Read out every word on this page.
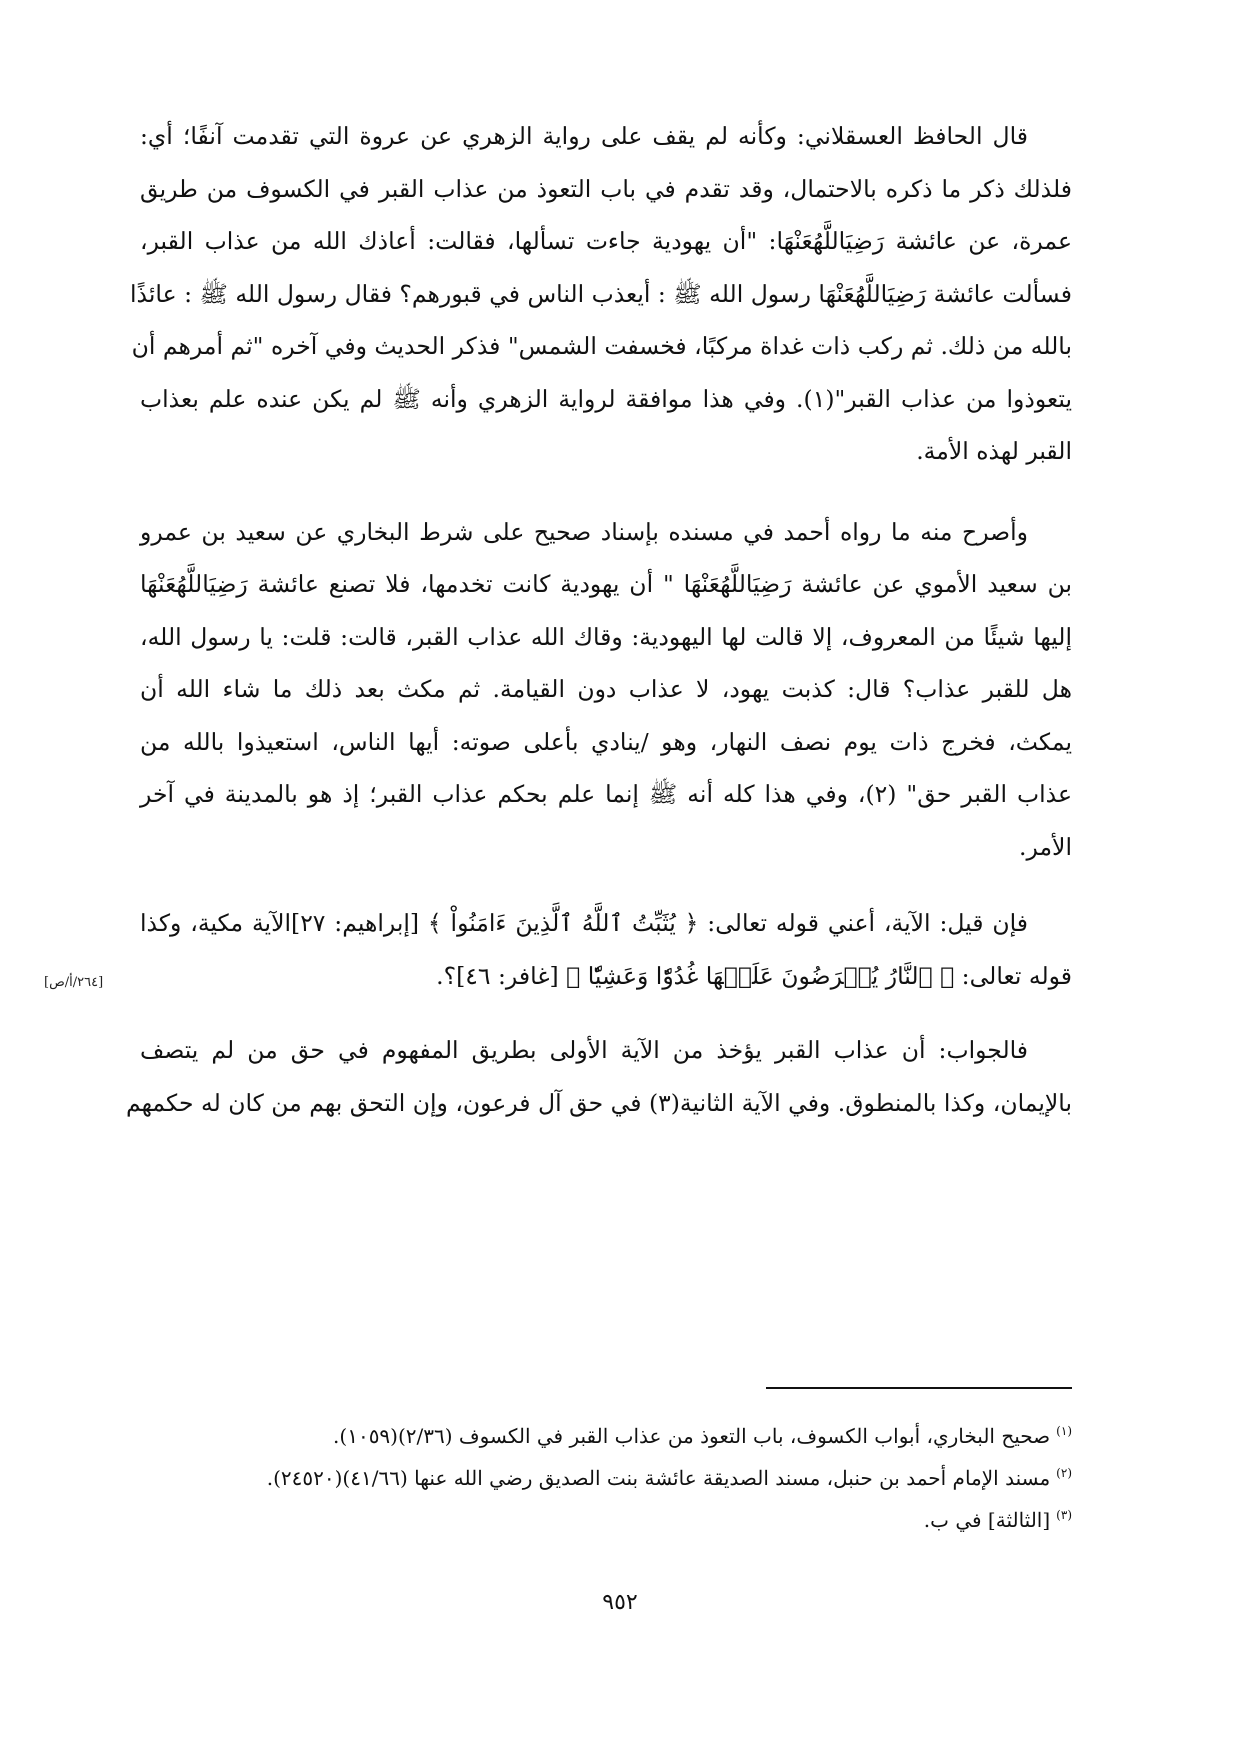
قال الحافظ العسقلاني: وكأنه لم يقف على رواية الزهري عن عروة التي تقدمت آنفًا؛ أي:
فلذلك ذكر ما ذكره بالاحتمال، وقد تقدم في باب التعوذ من عذاب القبر في الكسوف من طريق
عمرة، عن عائشة رَضِيَاللَّهُعَنْهَا: "أن يهودية جاءت تسألها، فقالت: أعاذك الله من عذاب القبر،
فسألت عائشة رَضِيَاللَّهُعَنْهَا رسول الله ﷺ : أيعذب الناس في قبورهم؟ فقال رسول الله ﷺ : عائذًا
بالله من ذلك. ثم ركب ذات غداة مركبًا، فخسفت الشمس" فذكر الحديث وفي آخره "ثم أمرهم أن
يتعوذوا من عذاب القبر"(١). وفي هذا موافقة لرواية الزهري وأنه ﷺ لم يكن عنده علم بعذاب
القبر لهذه الأمة.

وأصرح منه ما رواه أحمد في مسنده بإسناد صحيح على شرط البخاري عن سعيد بن عمرو
بن سعيد الأموي عن عائشة رَضِيَاللَّهُعَنْهَا " أن يهودية كانت تخدمها، فلا تصنع عائشة رَضِيَاللَّهُعَنْهَا
إليها شيئًا من المعروف، إلا قالت لها اليهودية: وقاك الله عذاب القبر، قالت: قلت: يا رسول الله،
هل للقبر عذاب؟ قال: كذبت يهود، لا عذاب دون القيامة. ثم مكث بعد ذلك ما شاء الله أن
يمكث، فخرج ذات يوم نصف النهار، وهو /ينادي بأعلى صوته: أيها الناس، استعيذوا بالله من
عذاب القبر حق" (٢)، وفي هذا كله أنه ﷺ إنما علم بحكم عذاب القبر؛ إذ هو بالمدينة في آخر
الأمر.

فإن قيل: الآية، أعني قوله تعالى: ﴿ يُثَبِّتُ ٱللَّهُ ٱلَّذِينَ ءَامَنُواْ ﴾ [إبراهيم: ٢٧]الآية مكية، وكذا
قوله تعالى: ﴿ ٱلنَّارُ يُعۡرَضُونَ عَلَيۡهَا غُدُوّٗا وَعَشِيّٗا ﴾ [غافر: ٤٦]؟.

فالجواب: أن عذاب القبر يؤخذ من الآية الأولى بطريق المفهوم في حق من لم يتصف
بالإيمان، وكذا بالمنطوق. وفي الآية الثانية(٣) في حق آل فرعون، وإن التحق بهم من كان له حكمهم

[٢٦٤/أ/ص]
$^{(١)}$صحيح البخاري، أبواب الكسوف، باب التعوذ من عذاب القبر في الكسوف (٢/٣٦)(١٠٥٩).
$^{(٢)}$مسند الإمام أحمد بن حنبل، مسند الصديقة عائشة بنت الصديق رضي الله عنها (٤١/٦٦)(٢٤٥٢٠).
$^{(٣)}$[الثالثة] في ب.
٩٥٢
